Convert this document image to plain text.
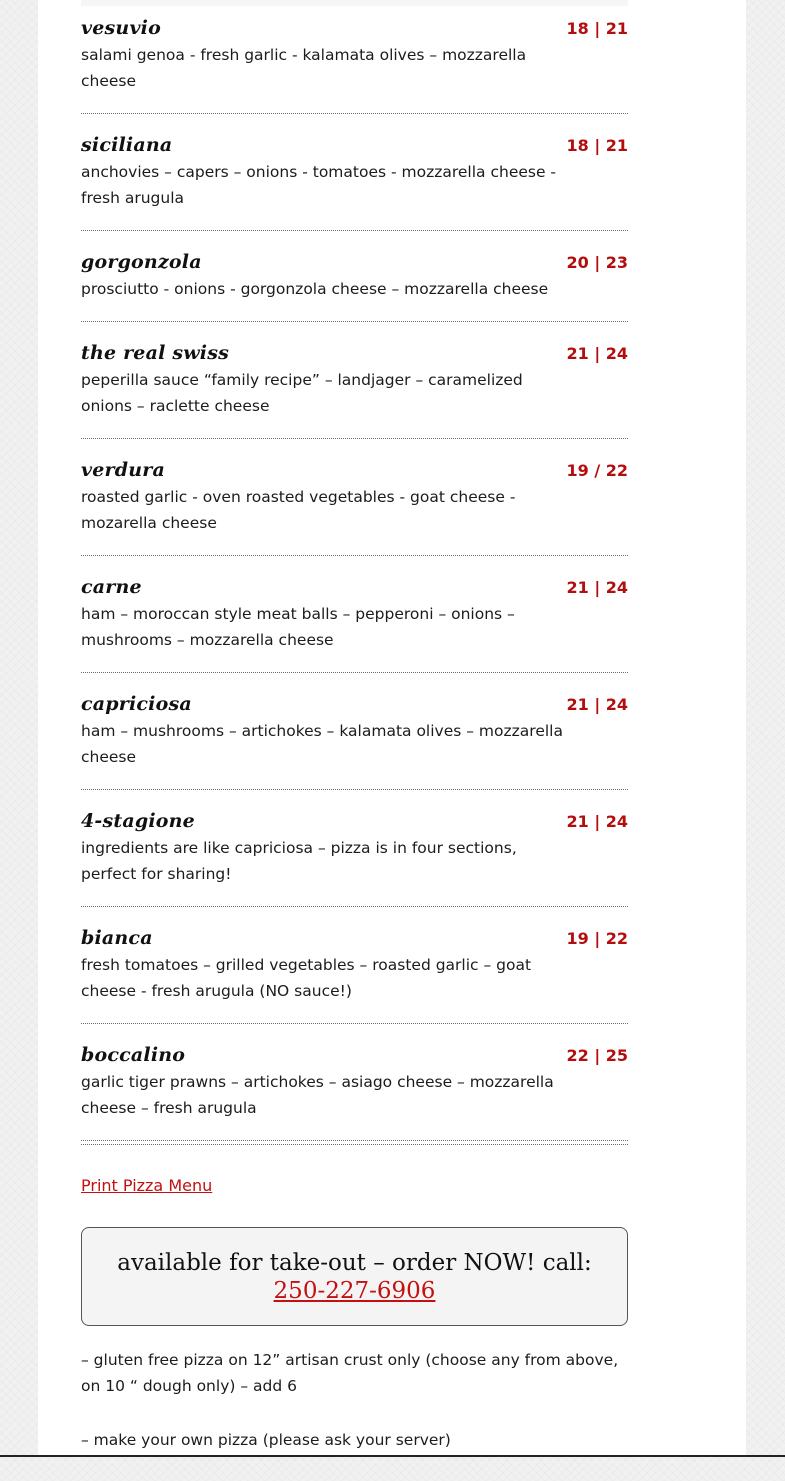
vesuvio	18 | 21
salami genoa - fresh garlic - kalamata olives – mozzarella cheese
siciliana	18 | 21
anchovies – capers – onions - tomatoes - mozzarella cheese - fresh arugula
gorgonzola	20 | 23
prosciutto - onions - gorgonzola cheese – mozzarella cheese
the real swiss	21 | 24
peperilla sauce “family recipe” – landjager – caramelized onions – raclette cheese
verdura	19 / 22
roasted garlic - oven roasted vegetables - goat cheese - mozarella cheese
carne	21 | 24
ham – moroccan style meat balls – pepperoni – onions – mushrooms – mozzarella cheese
capriciosa	21 | 24
ham – mushrooms – artichokes – kalamata olives – mozzarella cheese
4-stagione	21 | 24
ingredients are like capriciosa – pizza is in four sections, perfect for sharing!
bianca	19 | 22
fresh tomatoes – grilled vegetables – roasted garlic – goat cheese - fresh arugula (NO sauce!)
boccalino	22 | 25
garlic tiger prawns – artichokes – asiago cheese – mozzarella cheese – fresh arugula
Print Pizza Menu
available for take-out – order NOW! call:
250-227-6906

– gluten free pizza on 12” artisan crust only (choose any from above, on 10 “ dough only) – add 6

– make your own pizza (please ask your server)
